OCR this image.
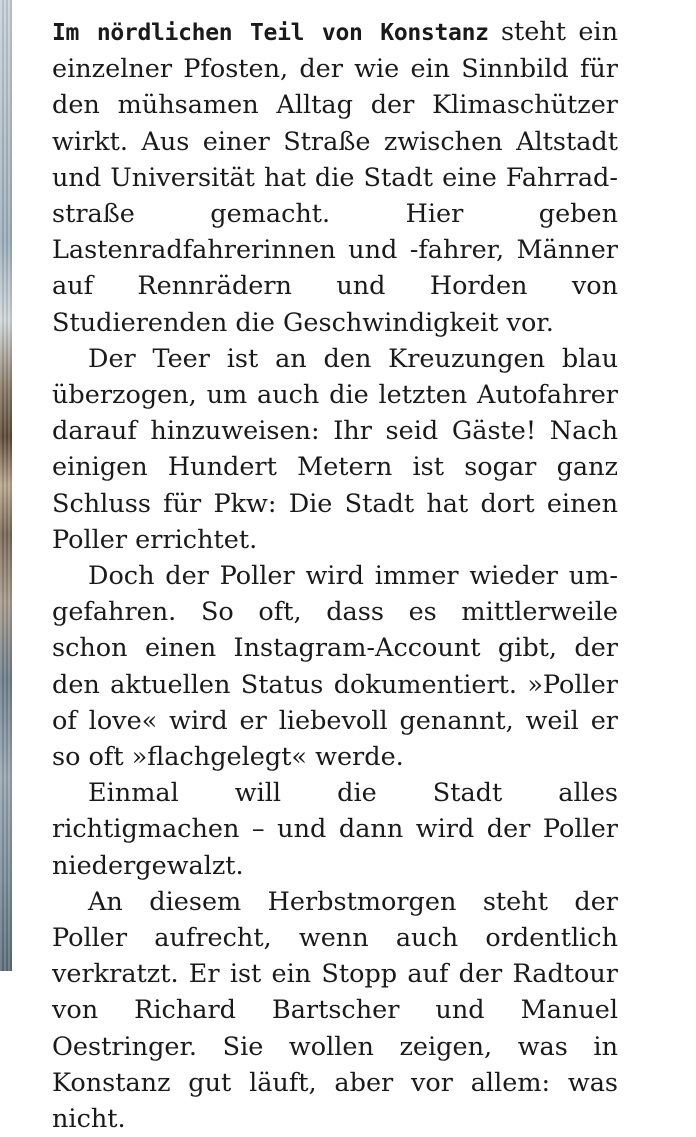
Im nördlichen Teil von Konstanz steht ein einzelner Pfosten, der wie ein Sinnbild für den mühsamen Alltag der Klimaschützer wirkt. Aus einer Straße zwischen Altstadt und Universität hat die Stadt eine Fahrradstraße gemacht. Hier geben Lastenradfahrerinnen und -fahrer, Männer auf Rennrädern und Horden von Studierenden die Geschwindigkeit vor.

Der Teer ist an den Kreuzungen blau überzogen, um auch die letzten Autofahrer darauf hinzuweisen: Ihr seid Gäste! Nach einigen Hundert Metern ist sogar ganz Schluss für Pkw: Die Stadt hat dort einen Poller errichtet.

Doch der Poller wird immer wieder umgefahren. So oft, dass es mittlerweile schon einen Instagram-Account gibt, der den aktuellen Status dokumentiert. »Poller of love« wird er liebevoll genannt, weil er so oft »flachgelegt« werde.

Einmal will die Stadt alles richtigmachen – und dann wird der Poller niedergewalzt.

An diesem Herbstmorgen steht der Poller aufrecht, wenn auch ordentlich verkratzt. Er ist ein Stopp auf der Radtour von Richard Bartscher und Manuel Oestringer. Sie wollen zeigen, was in Konstanz gut läuft, aber vor allem: was nicht.
